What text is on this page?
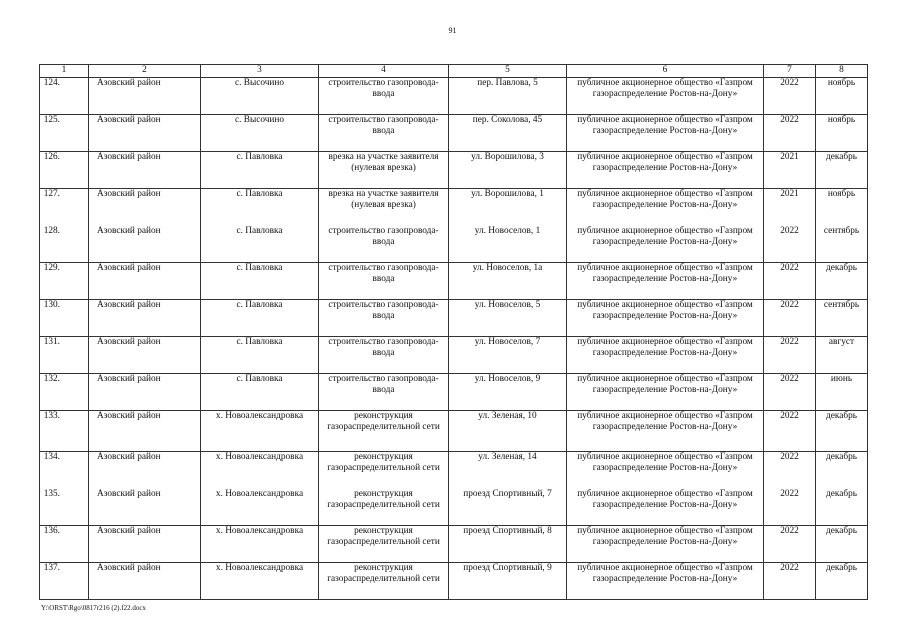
91
1	2	3	4	5	6	7	8
124.	Азовский район	с. Высочино	строительство газопровода-ввода	пер. Павлова, 5	публичное акционерное общество «Газпром газораспределение Ростов-на-Дону»	2022	ноябрь
125.	Азовский район	с. Высочино	строительство газопровода-ввода	пер. Соколова, 45	публичное акционерное общество «Газпром газораспределение Ростов-на-Дону»	2022	ноябрь
126.	Азовский район	с. Павловка	врезка на участке заявителя (нулевая врезка)	ул. Ворошилова, 3	публичное акционерное общество «Газпром газораспределение Ростов-на-Дону»	2021	декабрь
127.	Азовский район	с. Павловка	врезка на участке заявителя (нулевая врезка)	ул. Ворошилова, 1	публичное акционерное общество «Газпром газораспределение Ростов-на-Дону»	2021	ноябрь
128.	Азовский район	с. Павловка	строительство газопровода-ввода	ул. Новоселов, 1	публичное акционерное общество «Газпром газораспределение Ростов-на-Дону»	2022	сентябрь
129.	Азовский район	с. Павловка	строительство газопровода-ввода	ул. Новоселов, 1а	публичное акционерное общество «Газпром газораспределение Ростов-на-Дону»	2022	декабрь
130.	Азовский район	с. Павловка	строительство газопровода-ввода	ул. Новоселов, 5	публичное акционерное общество «Газпром газораспределение Ростов-на-Дону»	2022	сентябрь
131.	Азовский район	с. Павловка	строительство газопровода-ввода	ул. Новоселов, 7	публичное акционерное общество «Газпром газораспределение Ростов-на-Дону»	2022	август
132.	Азовский район	с. Павловка	строительство газопровода-ввода	ул. Новоселов, 9	публичное акционерное общество «Газпром газораспределение Ростов-на-Дону»	2022	июнь
133.	Азовский район	х. Новоалександровка	реконструкция газораспределительной сети	ул. Зеленая, 10	публичное акционерное общество «Газпром газораспределение Ростов-на-Дону»	2022	декабрь
134.	Азовский район	х. Новоалександровка	реконструкция газораспределительной сети	ул. Зеленая, 14	публичное акционерное общество «Газпром газораспределение Ростов-на-Дону»	2022	декабрь
135.	Азовский район	х. Новоалександровка	реконструкция газораспределительной сети	проезд Спортивный, 7	публичное акционерное общество «Газпром газораспределение Ростов-на-Дону»	2022	декабрь
136.	Азовский район	х. Новоалександровка	реконструкция газораспределительной сети	проезд Спортивный, 8	публичное акционерное общество «Газпром газораспределение Ростов-на-Дону»	2022	декабрь
137.	Азовский район	х. Новоалександровка	реконструкция газораспределительной сети	проезд Спортивный, 9	публичное акционерное общество «Газпром газораспределение Ростов-на-Дону»	2022	декабрь
Y:\ORST\Rgo\0817r216 (2).f22.docx
